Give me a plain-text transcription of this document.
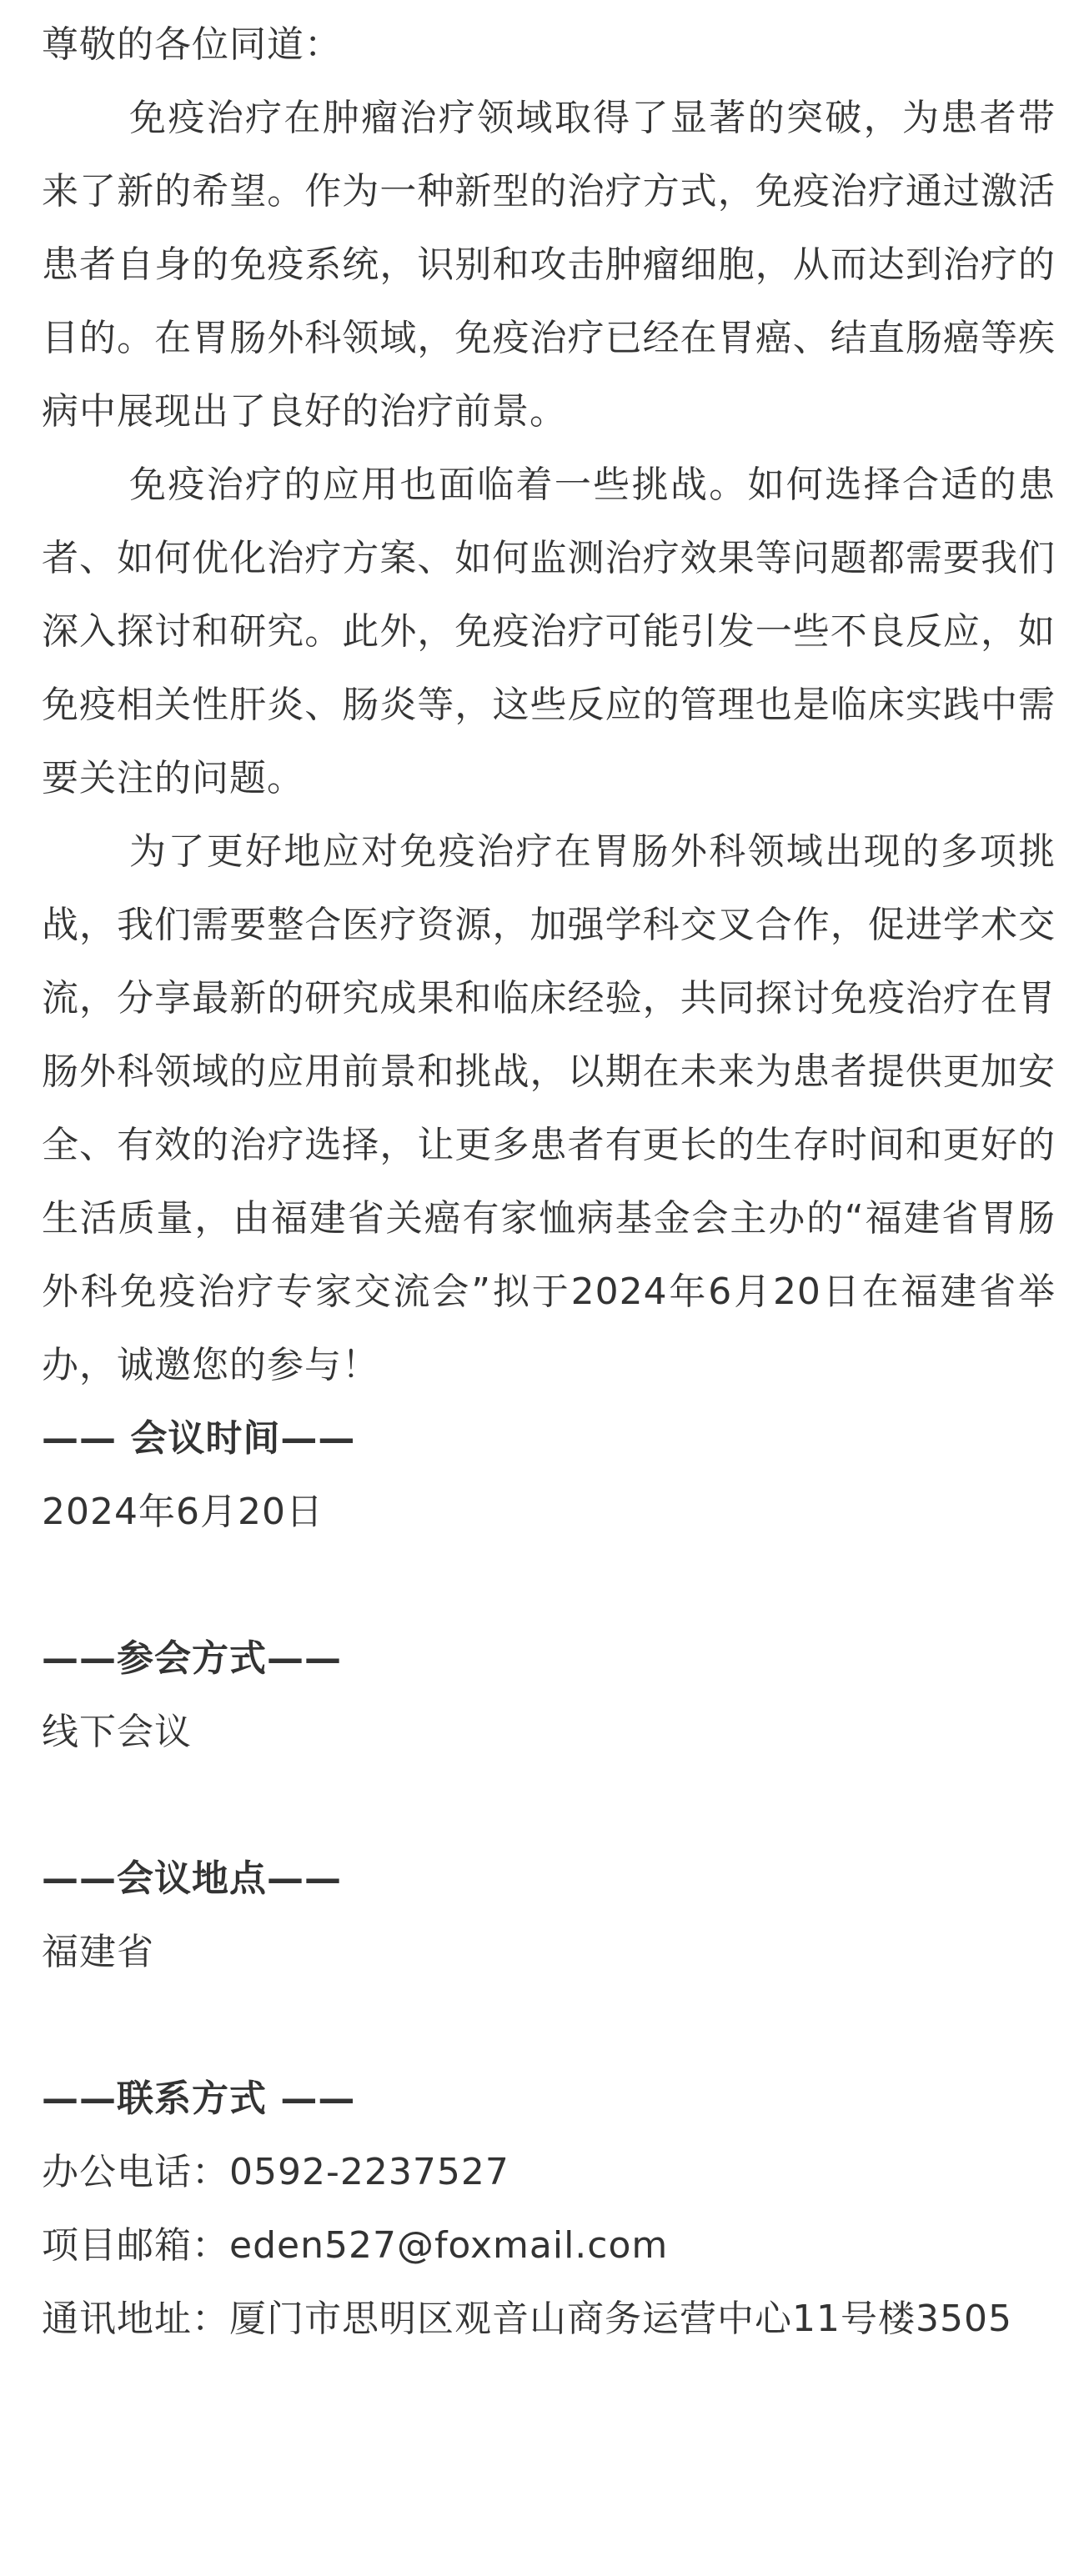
尊敬的各位同道：

免疫治疗在肿瘤治疗领域取得了显著的突破，为患者带来了新的希望。作为一种新型的治疗方式，免疫治疗通过激活患者自身的免疫系统，识别和攻击肿瘤细胞，从而达到治疗的目的。在胃肠外科领域，免疫治疗已经在胃癌、结直肠癌等疾病中展现出了良好的治疗前景。

免疫治疗的应用也面临着一些挑战。如何选择合适的患者、如何优化治疗方案、如何监测治疗效果等问题都需要我们深入探讨和研究。此外，免疫治疗可能引发一些不良反应，如免疫相关性肝炎、肠炎等，这些反应的管理也是临床实践中需要关注的问题。

为了更好地应对免疫治疗在胃肠外科领域出现的多项挑战，我们需要整合医疗资源，加强学科交叉合作，促进学术交流，分享最新的研究成果和临床经验，共同探讨免疫治疗在胃肠外科领域的应用前景和挑战，以期在未来为患者提供更加安全、有效的治疗选择，让更多患者有更长的生存时间和更好的生活质量，由福建省关癌有家恤病基金会主办的“福建省胃肠外科免疫治疗专家交流会”拟于2024年6月20日在福建省举办，诚邀您的参与！

—— 会议时间——

2024年6月20日

——参会方式——

线下会议

——会议地点——

福建省

——联系方式 ——

办公电话：0592-2237527

项目邮箱：eden527@foxmail.com

通讯地址：厦门市思明区观音山商务运营中心11号楼3505
